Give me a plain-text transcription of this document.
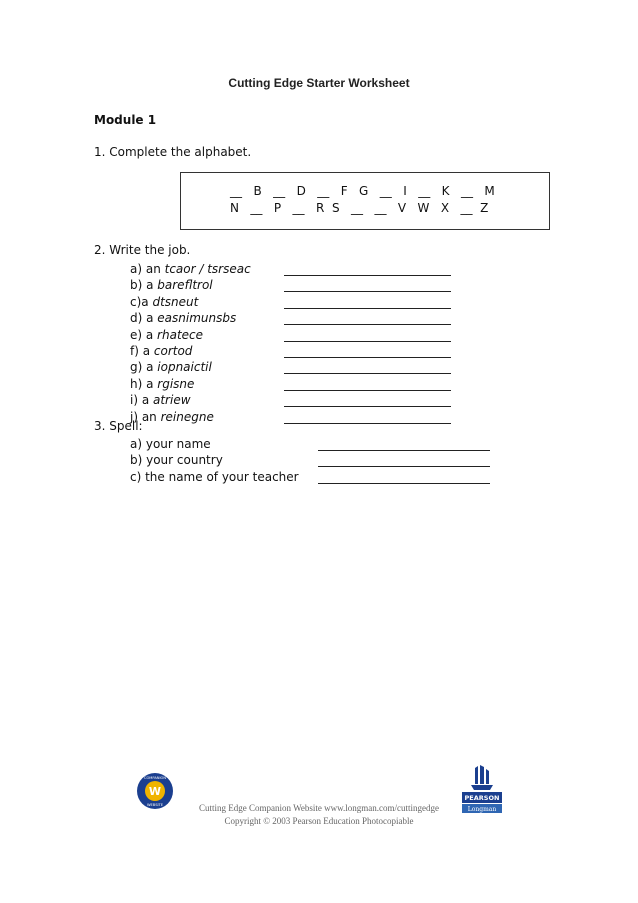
Cutting Edge Starter Worksheet
Module 1
1. Complete the alphabet.
__   B   __   D   __   F   G   __   I   __   K   __   M
N   __   P   __   R  S   __   __   V   W   X   __  Z
2. Write the job.
a) an tcaor / tsrseac
b) a barefltrol
c)a dtsneut
d) a easnimunsbs
e) a rhatece
f) a cortod
g) a iopnaictil
h) a rgisne
i) a atriew
j) an reinegne
3. Spell:
a) your name
b) your country
c) the name of your teacher
W
COMPANION
WEBSITE
PEARSON
Longman
Cutting Edge Companion Website www.longman.com/cuttingedge
Copyright © 2003 Pearson Education Photocopiable
